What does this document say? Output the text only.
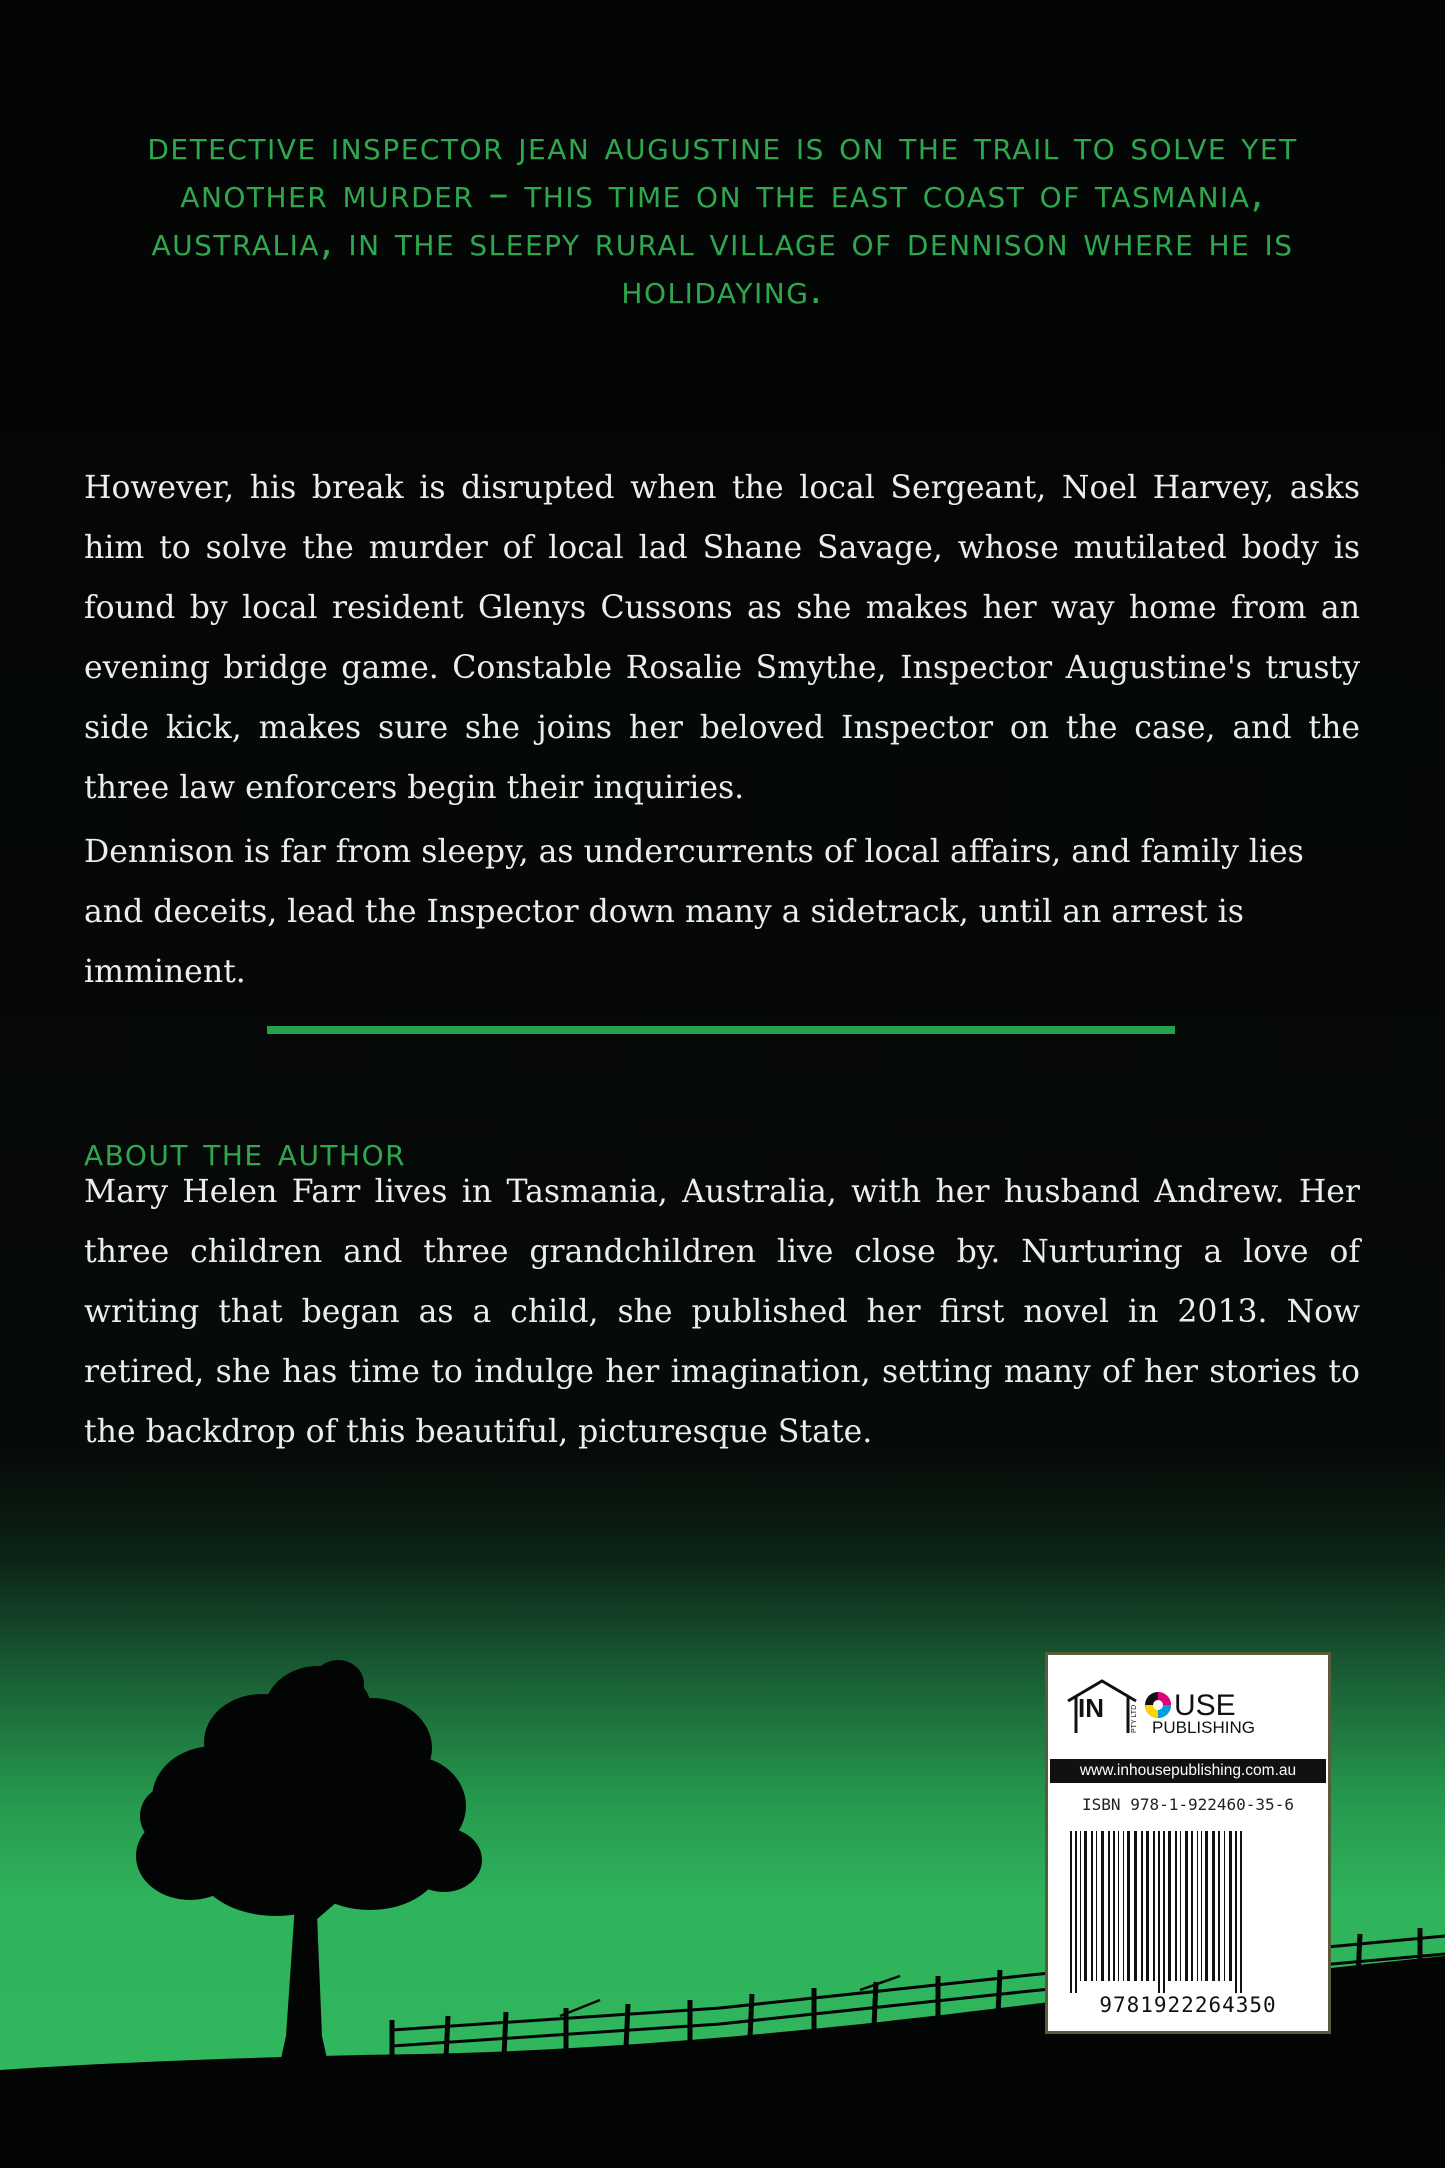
detective inspector jean augustine is on the trail to solve yet another murder – this time on the east coast of tasmania, australia, in the sleepy rural village of dennison where he is holidaying.

However, his break is disrupted when the local Sergeant, Noel Harvey, asks him to solve the murder of local lad Shane Savage, whose mutilated body is found by local resident Glenys Cussons as she makes her way home from an evening bridge game. Constable Rosalie Smythe, Inspector Augustine's trusty side kick, makes sure she joins her beloved Inspector on the case, and the three law enforcers begin their inquiries.

Dennison is far from sleepy, as undercurrents of local affairs, and family lies and deceits, lead the Inspector down many a sidetrack, until an arrest is imminent.

about the author

Mary Helen Farr lives in Tasmania, Australia, with her husband Andrew. Her three children and three grandchildren live close by. Nurturing a love of writing that began as a child, she published her first novel in 2013. Now retired, she has time to indulge her imagination, setting many of her stories to the backdrop of this beautiful, picturesque State.

IN	PTY LTD USE
PUBLISHING

www.inhousepublishing.com.au

ISBN 978-1-922460-35-6

9781922264350
